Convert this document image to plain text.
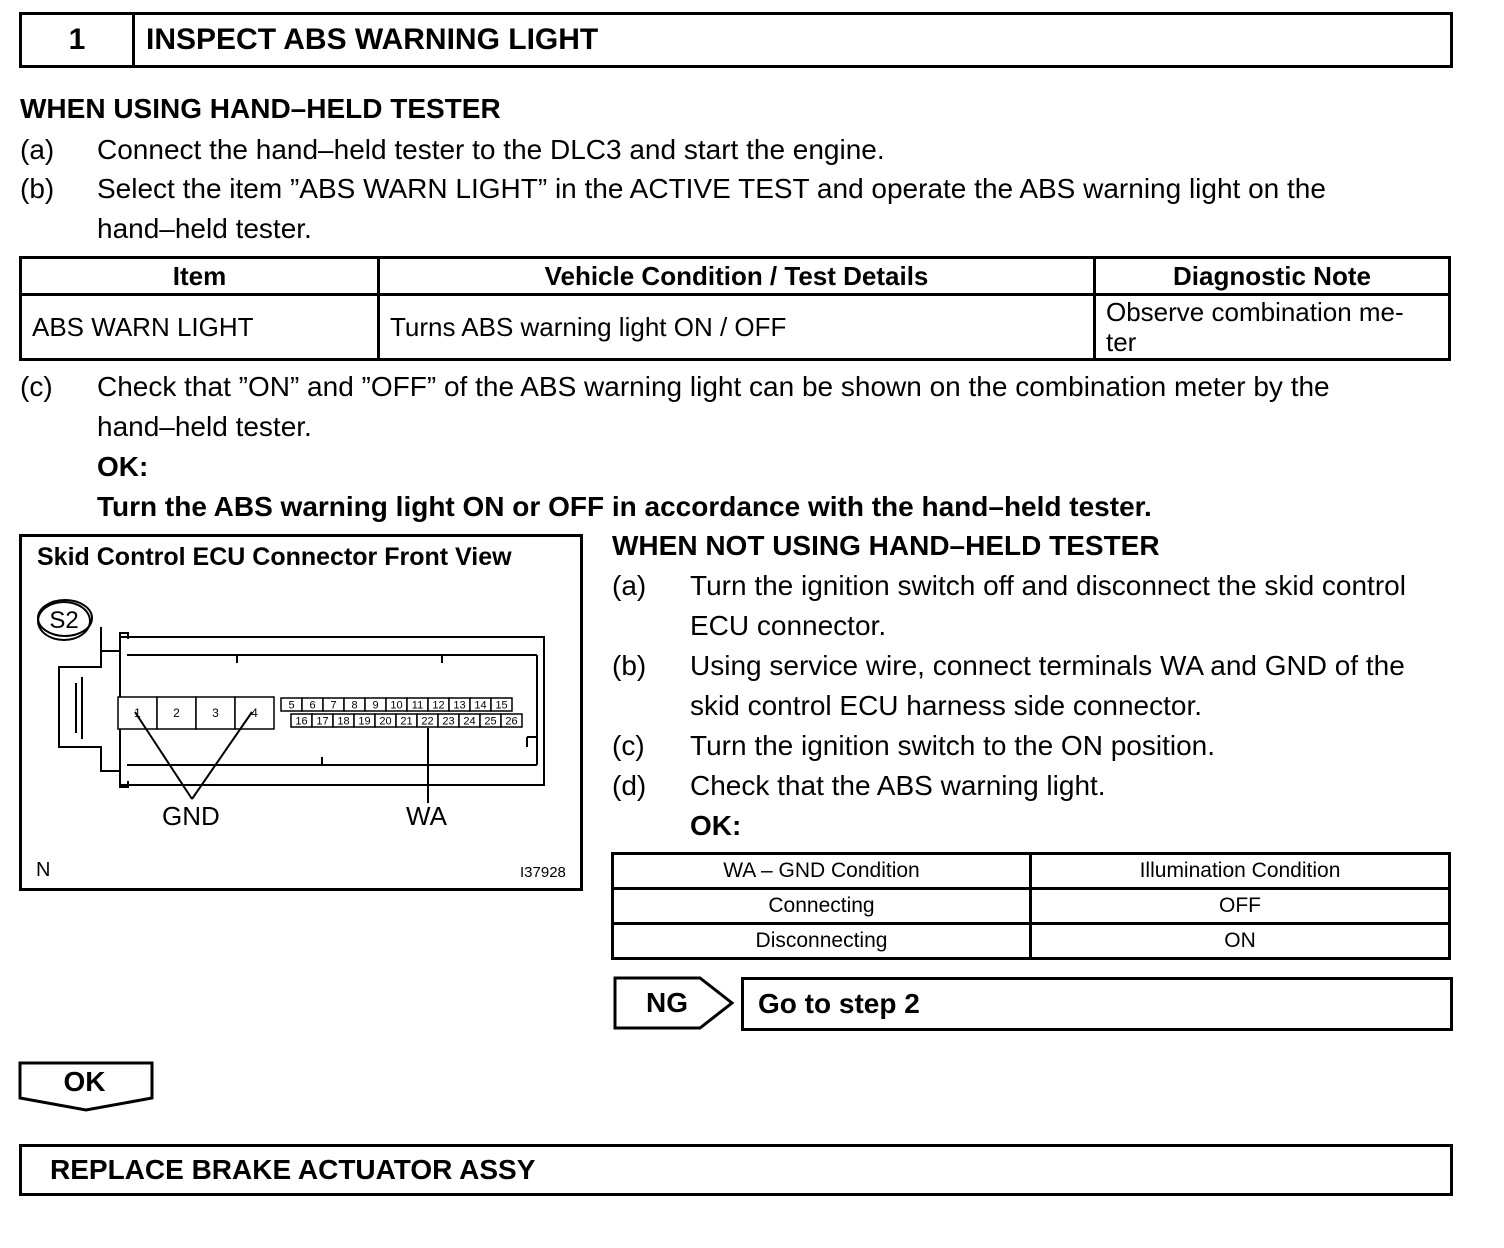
1	INSPECT ABS WARNING LIGHT
WHEN USING HAND–HELD TESTER
(a) Connect the hand–held tester to the DLC3 and start the engine.
(b) Select the item ”ABS WARN LIGHT” in the ACTIVE TEST and operate the ABS warning light on the
hand–held tester.
Item	Vehicle Condition / Test Details	Diagnostic Note
ABS WARN LIGHT	Turns ABS warning light ON / OFF	Observe combination me-
ter
(c) Check that ”ON” and ”OFF” of the ABS warning light can be shown on the combination meter by the
hand–held tester.
OK:
Turn the ABS warning light ON or OFF in accordance with the hand–held tester.
Skid Control ECU Connector Front View
1	2	3	4
5 6 7 8 9 10 11 12 13 14 15
16 17 18 19 20 21 22 23 24 25 26
S2
GND	WA
N	I37928
WHEN NOT USING HAND–HELD TESTER
(a) Turn the ignition switch off and disconnect the skid control
ECU connector.
(b) Using service wire, connect terminals WA and GND of the
skid control ECU harness side connector.
(c) Turn the ignition switch to the ON position.
(d) Check that the ABS warning light.
OK:
WA – GND Condition	Illumination Condition
Connecting	OFF
Disconnecting	ON
NG	Go to step 2
OK
REPLACE BRAKE ACTUATOR ASSY
